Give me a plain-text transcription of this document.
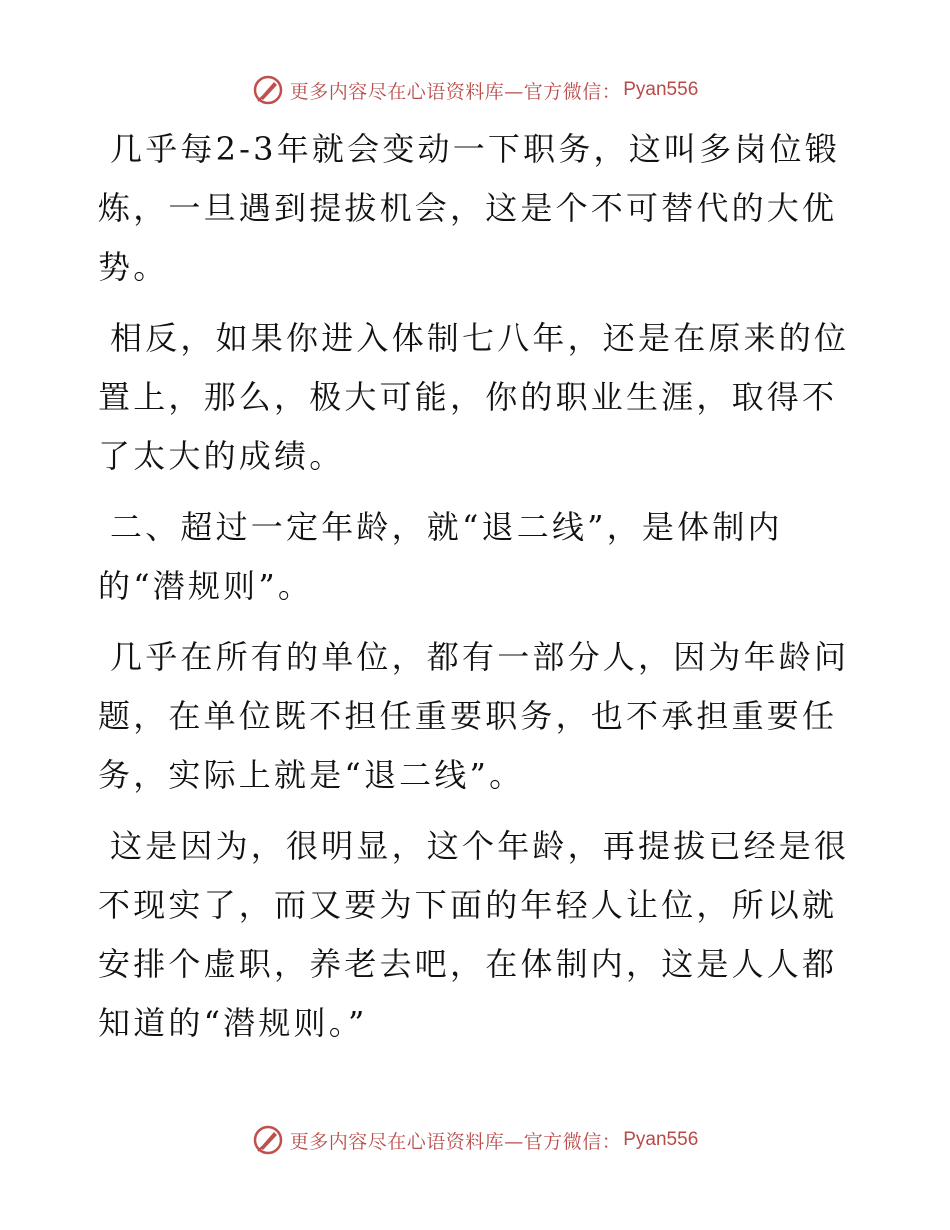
更多内容尽在心语资料库—官方微信： Pyan556

几乎每2-3年就会变动一下职务，这叫多岗位锻炼，一旦遇到提拔机会，这是个不可替代的大优势。

相反，如果你进入体制七八年，还是在原来的位置上，那么，极大可能，你的职业生涯，取得不了太大的成绩。

二、超过一定年龄，就“退二线”，是体制内的“潜规则”。

几乎在所有的单位，都有一部分人，因为年龄问题，在单位既不担任重要职务，也不承担重要任务，实际上就是“退二线”。

这是因为，很明显，这个年龄，再提拔已经是很不现实了，而又要为下面的年轻人让位，所以就安排个虚职，养老去吧，在体制内，这是人人都知道的“潜规则。”

更多内容尽在心语资料库—官方微信： Pyan556
